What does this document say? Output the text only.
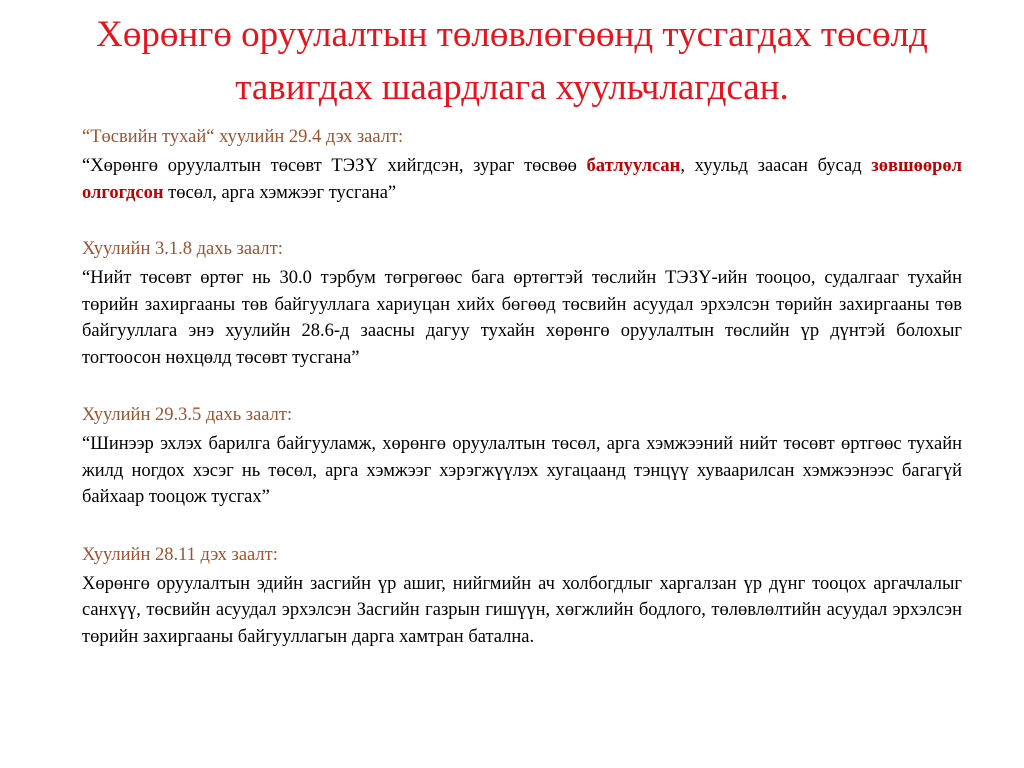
Хөрөнгө оруулалтын төлөвлөгөөнд тусгагдах төсөлд тавигдах шаардлага хуульчлагдсан.

“Төсвийн тухай“ хуулийн 29.4 дэх заалт:

“Хөрөнгө оруулалтын төсөвт ТЭЗҮ хийгдсэн, зураг төсвөө батлуулсан, хуульд заасан бусад зөвшөөрөл олгогдсон төсөл, арга хэмжээг тусгана”

Хуулийн 3.1.8 дахь заалт:

“Нийт төсөвт өртөг нь 30.0 тэрбум төгрөгөөс бага өртөгтэй төслийн ТЭЗҮ-ийн тооцоо, судалгааг тухайн төрийн захиргааны төв байгууллага хариуцан хийх бөгөөд төсвийн асуудал эрхэлсэн төрийн захиргааны төв байгууллага энэ хуулийн 28.6-д заасны дагуу тухайн хөрөнгө оруулалтын төслийн үр дүнтэй болохыг тогтоосон нөхцөлд төсөвт тусгана”

Хуулийн 29.3.5 дахь заалт:

“Шинээр эхлэх барилга байгууламж, хөрөнгө оруулалтын төсөл, арга хэмжээний нийт төсөвт өртгөөс тухайн жилд ногдох хэсэг нь төсөл, арга хэмжээг хэрэгжүүлэх хугацаанд тэнцүү хуваарилсан хэмжээнээс багагүй байхаар тооцож тусгах”

Хуулийн 28.11 дэх заалт:

Хөрөнгө оруулалтын эдийн засгийн үр ашиг, нийгмийн ач холбогдлыг харгалзан үр дүнг тооцох аргачлалыг санхүү, төсвийн асуудал эрхэлсэн Засгийн газрын гишүүн, хөгжлийн бодлого, төлөвлөлтийн асуудал эрхэлсэн төрийн захиргааны байгууллагын дарга хамтран батална.
